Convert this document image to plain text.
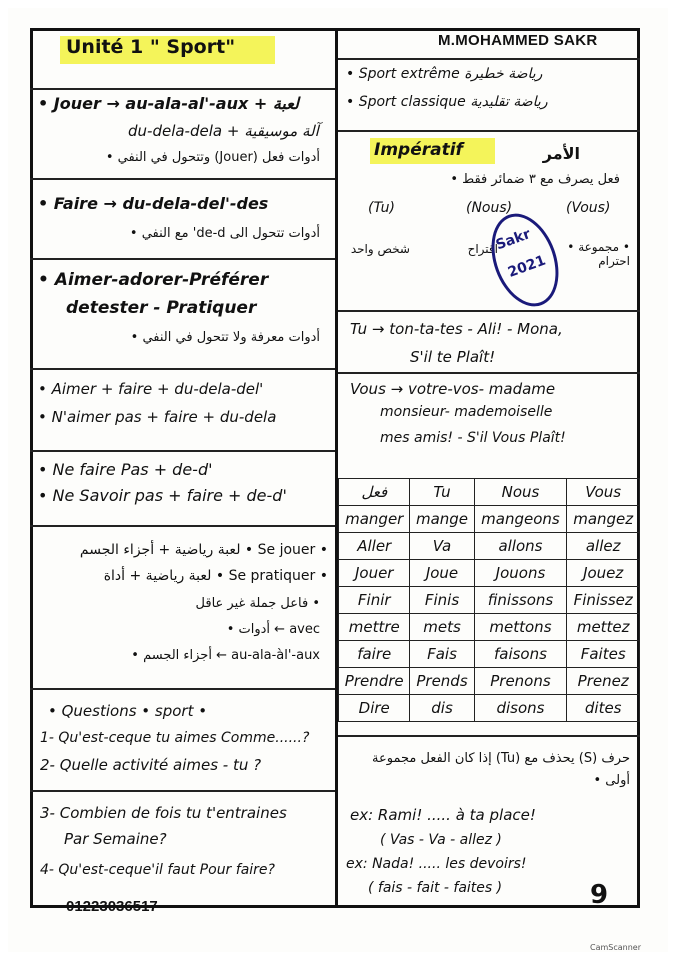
M.MOHAMMED SAKR
Unité 1 " Sport"
• Jouer → au-ala-al'-aux + لعبة
du-dela-dela + آلة موسيقية
أدوات فعل (Jouer) وتتحول في النفي •
• Faire → du-dela-del'-des
أدوات تتحول الى de-d' مع النفي •
• Aimer-adorer-Préférer
detester - Pratiquer
أدوات معرفة ولا تتحول في النفي •
• Aimer + faire + du-dela-del'
• N'aimer pas + faire + du-dela
• Ne faire Pas + de-d'
• Ne Savoir pas + faire + de-d'
• Se jouer • لعبة رياضية + أجزاء الجسم
• Se pratiquer • لعبة رياضية + أداة
• فاعل جملة غير عاقل
avec ← أدوات •
au-ala-àl'-aux ← أجزاء الجسم •
• Questions • sport •
1- Qu'est-ceque tu aimes Comme......?
2- Quelle activité aimes - tu ?
3- Combien de fois tu t'entraines
Par Semaine?
4- Qu'est-ceque'il faut Pour faire?
• Sport extrême رياضة خطيرة
• Sport classique رياضة تقليدية
Impératif	الأمر
فعل يصرف مع ٣ ضمائر فقط •
(Tu)	(Nous)	(Vous)
شخص واحد	اقتراح	• مجموعة • احترام
Sakr
2021
Tu → ton-ta-tes - Ali! - Mona,
S'il te Plaît!
Vous → votre-vos- madame
monsieur- mademoiselle
mes amis! - S'il Vous Plaît!
فعل	Tu	Nous	Vous
manger	mange	mangeons	mangez
Aller	Va	allons	allez
Jouer	Joue	Jouons	Jouez
Finir	Finis	finissons	Finissez
mettre	mets	mettons	mettez
faire	Fais	faisons	Faites
Prendre	Prends	Prenons	Prenez
Dire	dis	disons	dites
حرف (S) يحذف مع (Tu) إذا كان الفعل مجموعة أولى •
ex: Rami! ..... à ta place!
( Vas - Va - allez )
ex: Nada! ..... les devoirs!
( fais - fait - faites )	9
01223036517
CamScanner
